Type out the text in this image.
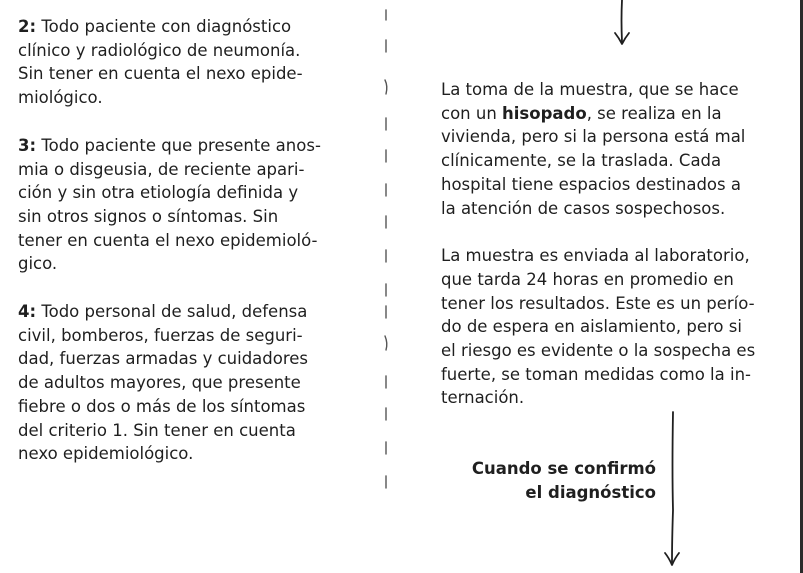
2: Todo paciente con diagnóstico
clínico y radiológico de neumonía.
Sin tener en cuenta el nexo epide-
miológico.
3: Todo paciente que presente anos-
mia o disgeusia, de reciente apari-
ción y sin otra etiología definida y
sin otros signos o síntomas. Sin
tener en cuenta el nexo epidemioló-
gico.
4: Todo personal de salud, defensa
civil, bomberos, fuerzas de seguri-
dad, fuerzas armadas y cuidadores
de adultos mayores, que presente
fiebre o dos o más de los síntomas
del criterio 1. Sin tener en cuenta
nexo epidemiológico.
La toma de la muestra, que se hace
con un hisopado, se realiza en la
vivienda, pero si la persona está mal
clínicamente, se la traslada. Cada
hospital tiene espacios destinados a
la atención de casos sospechosos.
La muestra es enviada al laboratorio,
que tarda 24 horas en promedio en
tener los resultados. Este es un perío-
do de espera en aislamiento, pero si
el riesgo es evidente o la sospecha es
fuerte, se toman medidas como la in-
ternación.
Cuando se confirmó
el diagnóstico
